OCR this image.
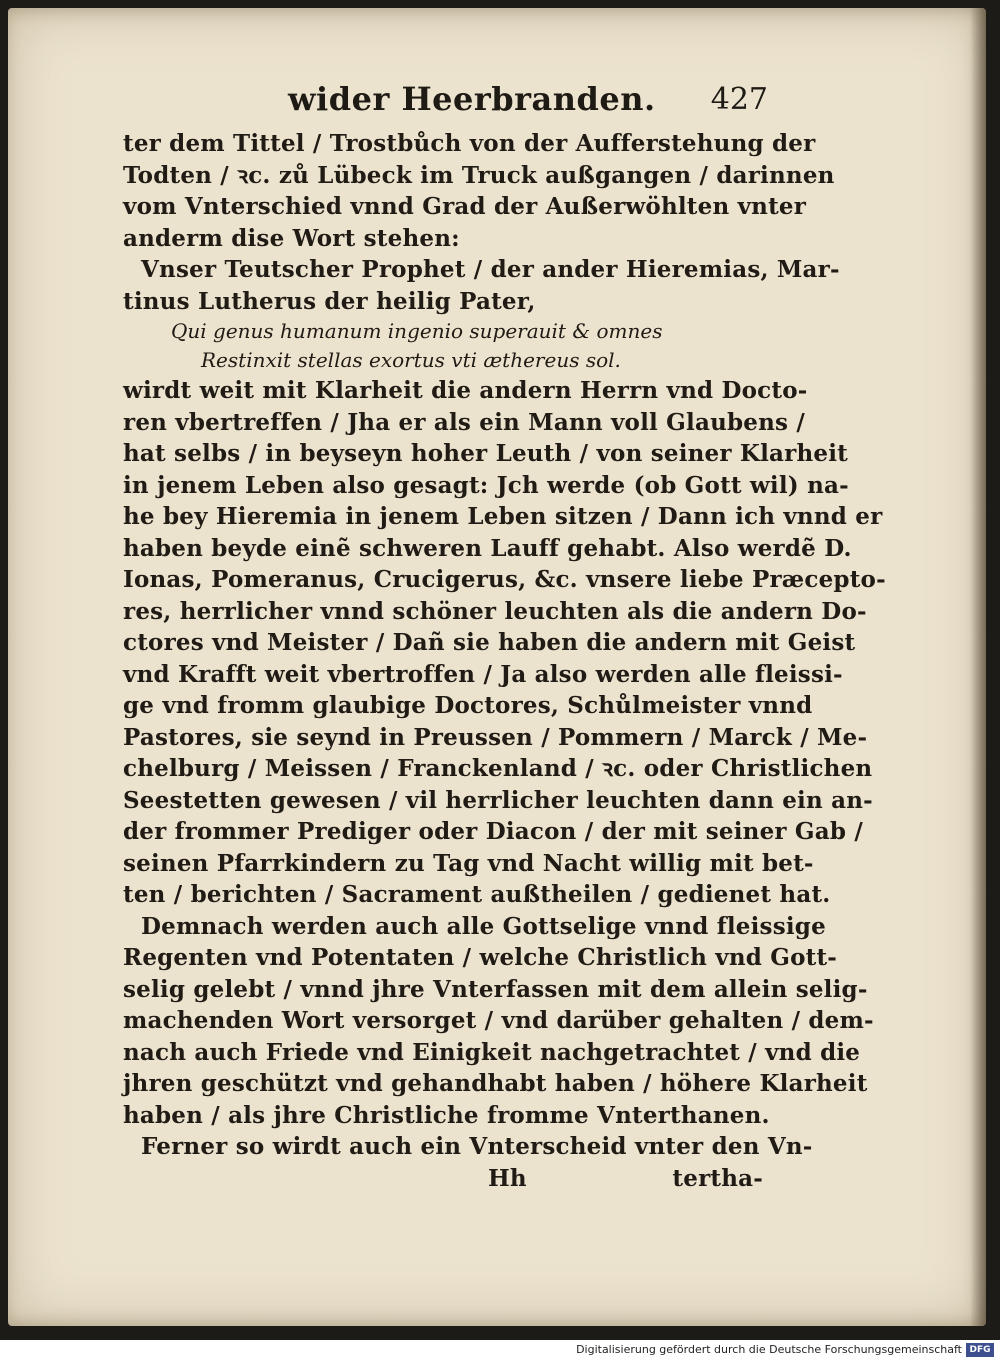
wider Heerbranden. 427
ter dem Tittel / Trostbůch von der Aufferstehung der
Todten / ꝛc. zů Lübeck im Truck außgangen / darinnen
vom Vnterschied vnnd Grad der Außerwöhlten vnter
anderm dise Wort stehen:
Vnser Teutscher Prophet / der ander Hieremias, Mar-
tinus Lutherus der heilig Pater,
Qui genus humanum ingenio superauit & omnes
Restinxit stellas exortus vti æthereus sol.
wirdt weit mit Klarheit die andern Herrn vnd Docto-
ren vbertreffen / Jha er als ein Mann voll Glaubens /
hat selbs / in beyseyn hoher Leuth / von seiner Klarheit
in jenem Leben also gesagt: Jch werde (ob Gott wil) na-
he bey Hieremia in jenem Leben sitzen / Dann ich vnnd er
haben beyde einẽ schweren Lauff gehabt. Also werdẽ D.
Ionas, Pomeranus, Crucigerus, &c. vnsere liebe Præcepto-
res, herrlicher vnnd schöner leuchten als die andern Do-
ctores vnd Meister / Dañ sie haben die andern mit Geist
vnd Krafft weit vbertroffen / Ja also werden alle fleissi-
ge vnd fromm glaubige Doctores, Schůlmeister vnnd
Pastores, sie seynd in Preussen / Pommern / Marck / Me-
chelburg / Meissen / Franckenland / ꝛc. oder Christlichen
Seestetten gewesen / vil herrlicher leuchten dann ein an-
der frommer Prediger oder Diacon / der mit seiner Gab /
seinen Pfarrkindern zu Tag vnd Nacht willig mit bet-
ten / berichten / Sacrament außtheilen / gedienet hat.
Demnach werden auch alle Gottselige vnnd fleissige
Regenten vnd Potentaten / welche Christlich vnd Gott-
selig gelebt / vnnd jhre Vnterfassen mit dem allein selig-
machenden Wort versorget / vnd darüber gehalten / dem-
nach auch Friede vnd Einigkeit nachgetrachtet / vnd die
jhren geschützt vnd gehandhabt haben / höhere Klarheit
haben / als jhre Christliche fromme Vnterthanen.
Ferner so wirdt auch ein Vnterscheid vnter den Vn-
Hh	tertha-
Digitalisierung gefördert durch die Deutsche Forschungsgemeinschaft DFG
